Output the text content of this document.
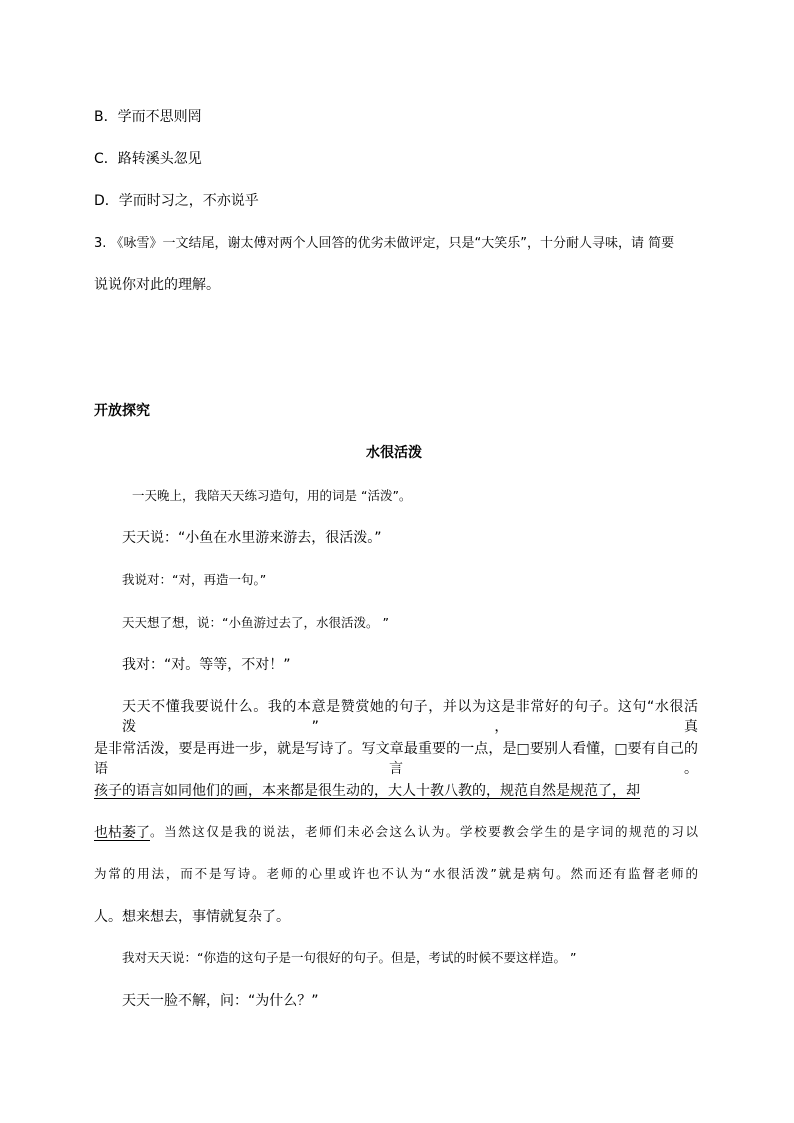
B．学而不思则罔
C．路转溪头忽见
D．学而时习之，不亦说乎
3. 《咏雪》一文结尾，谢太傅对两个人回答的优劣未做评定，只是“大笑乐”，十分耐人寻味，请 简要
说说你对此的理解。
开放探究
水很活泼
一天晚上，我陪天天练习造句，用的词是 “活泼”。
天天说：“小鱼在水里游来游去，很活泼。”
我说对：“对，再造一句。”
天天想了想，说：“小鱼游过去了，水很活泼。 ”
我对：“对。等等，不对！”
天天不懂我要说什么。我的本意是赞赏她的句子，并以为这是非常好的句子。这句“水很活泼”，真
是非常活泼，要是再进一步，就是写诗了。写文章最重要的一点，是□要别人看懂，□要有自己的语言。
孩子的语言如同他们的画，本来都是很生动的，大人十教八教的，规范自然是规范了，却
也枯萎了 。当然这仅是我的说法，老师们未必会这么认为。学校要教会学生的是字词的规范的习以
为常的用法，而不是写诗。老师的心里或许也不认为“水很活泼”就是病句。然而还有监督老师的
人。想来想去，事情就复杂了。
我对天天说：“你造的这句子是一句很好的句子。但是，考试的时候不要这样造。 ”
天天一脸不解，问：“为什么？”
